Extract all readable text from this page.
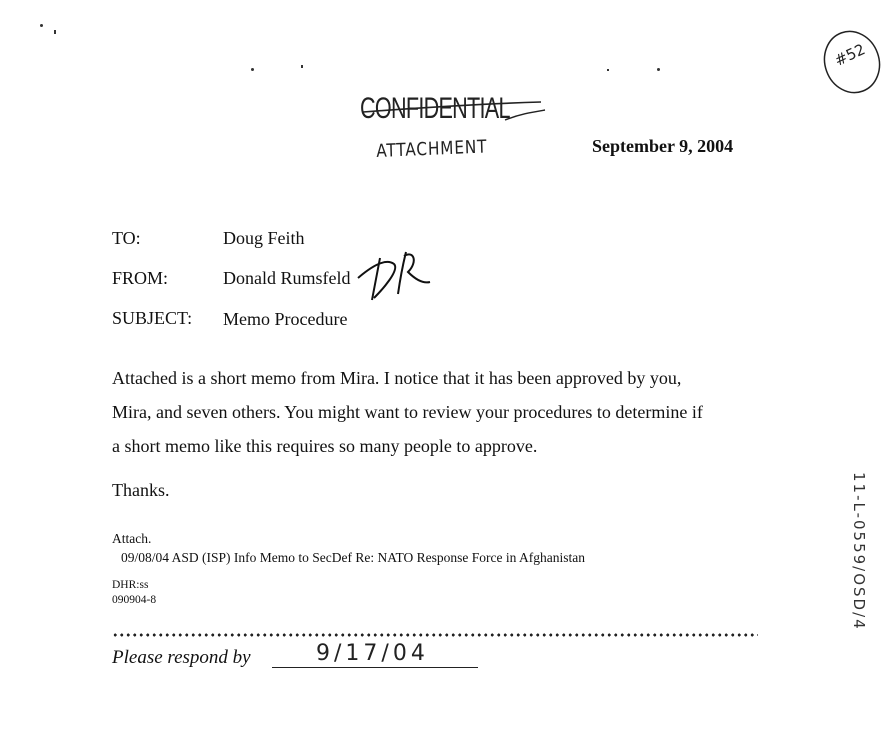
CONFIDENTIAL
ATTACHMENT	September 9, 2004
#52
TO:	Doug Feith
FROM:	Donald Rumsfeld
SUBJECT: Memo Procedure
Attached is a short memo from Mira. I notice that it has been approved by you,
Mira, and seven others. You might want to review your procedures to determine if
a short memo like this requires so many people to approve.
Thanks.
Attach.
09/08/04 ASD (ISP) Info Memo to SecDef Re: NATO Response Force in Afghanistan
DHR:ss
090904-8
Please respond by	9/17/04
11-L-0559/OSD/4
